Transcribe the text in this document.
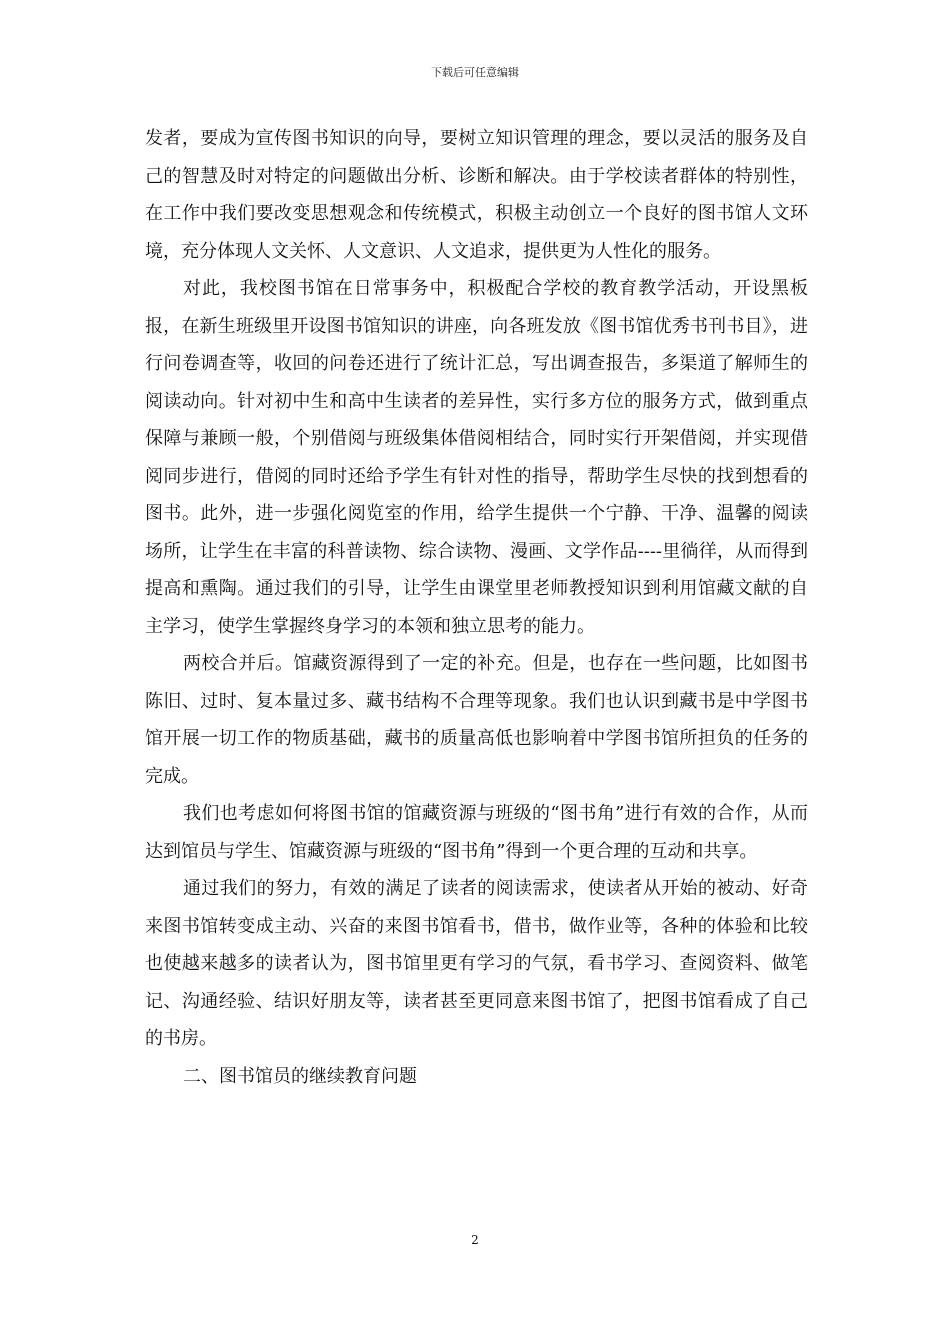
下载后可任意编辑

发者，要成为宣传图书知识的向导，要树立知识管理的理念，要以灵活的服务及自己的智慧及时对特定的问题做出分析、诊断和解决。由于学校读者群体的特别性，在工作中我们要改变思想观念和传统模式，积极主动创立一个良好的图书馆人文环境，充分体现人文关怀、人文意识、人文追求，提供更为人性化的服务。

对此，我校图书馆在日常事务中，积极配合学校的教育教学活动，开设黑板报，在新生班级里开设图书馆知识的讲座，向各班发放《图书馆优秀书刊书目》，进行问卷调查等，收回的问卷还进行了统计汇总，写出调查报告，多渠道了解师生的阅读动向。针对初中生和高中生读者的差异性，实行多方位的服务方式，做到重点保障与兼顾一般，个别借阅与班级集体借阅相结合，同时实行开架借阅，并实现借阅同步进行，借阅的同时还给予学生有针对性的指导，帮助学生尽快的找到想看的图书。此外，进一步强化阅览室的作用，给学生提供一个宁静、干净、温馨的阅读场所，让学生在丰富的科普读物、综合读物、漫画、文学作品----里徜徉，从而得到提高和熏陶。通过我们的引导，让学生由课堂里老师教授知识到利用馆藏文献的自主学习，使学生掌握终身学习的本领和独立思考的能力。

两校合并后。馆藏资源得到了一定的补充。但是，也存在一些问题，比如图书陈旧、过时、复本量过多、藏书结构不合理等现象。我们也认识到藏书是中学图书馆开展一切工作的物质基础，藏书的质量高低也影响着中学图书馆所担负的任务的完成。

我们也考虑如何将图书馆的馆藏资源与班级的“图书角”进行有效的合作，从而达到馆员与学生、馆藏资源与班级的“图书角”得到一个更合理的互动和共享。

通过我们的努力，有效的满足了读者的阅读需求，使读者从开始的被动、好奇来图书馆转变成主动、兴奋的来图书馆看书，借书，做作业等，各种的体验和比较也使越来越多的读者认为，图书馆里更有学习的气氛，看书学习、查阅资料、做笔记、沟通经验、结识好朋友等，读者甚至更同意来图书馆了，把图书馆看成了自己的书房。

二、图书馆员的继续教育问题

2
